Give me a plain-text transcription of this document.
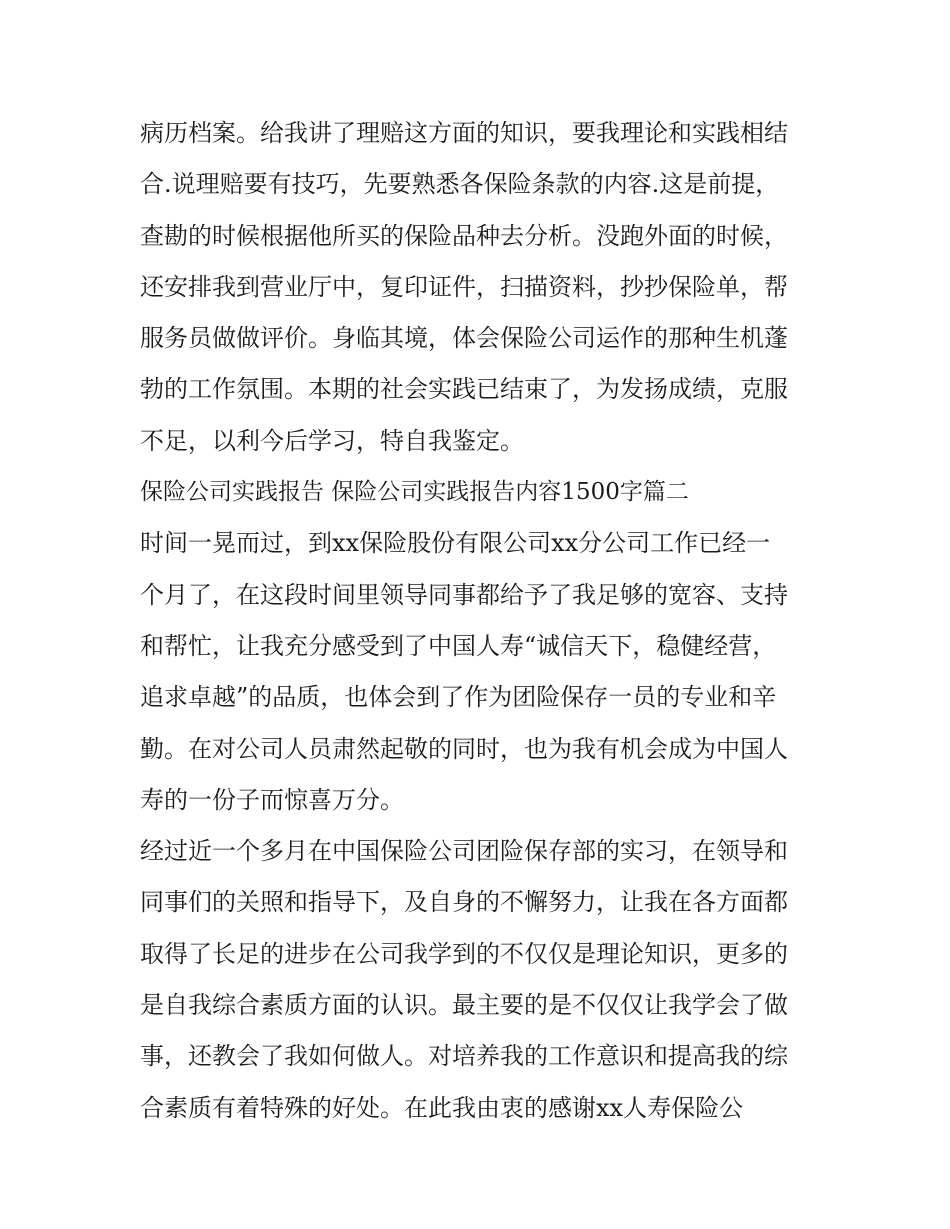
病历档案。给我讲了理赔这方面的知识，要我理论和实践相结
合.说理赔要有技巧，先要熟悉各保险条款的内容.这是前提，
查勘的时候根据他所买的保险品种去分析。没跑外面的时候，
还安排我到营业厅中，复印证件，扫描资料，抄抄保险单，帮
服务员做做评价。身临其境，体会保险公司运作的那种生机蓬
勃的工作氛围。本期的社会实践已结束了，为发扬成绩，克服
不足，以利今后学习，特自我鉴定。
保险公司实践报告 保险公司实践报告内容1500字篇二
时间一晃而过，到xx保险股份有限公司xx分公司工作已经一
个月了，在这段时间里领导同事都给予了我足够的宽容、支持
和帮忙，让我充分感受到了中国人寿“诚信天下，稳健经营，
追求卓越”的品质，也体会到了作为团险保存一员的专业和辛
勤。在对公司人员肃然起敬的同时，也为我有机会成为中国人
寿的一份子而惊喜万分。
经过近一个多月在中国保险公司团险保存部的实习，在领导和
同事们的关照和指导下，及自身的不懈努力，让我在各方面都
取得了长足的进步在公司我学到的不仅仅是理论知识，更多的
是自我综合素质方面的认识。最主要的是不仅仅让我学会了做
事，还教会了我如何做人。对培养我的工作意识和提高我的综
合素质有着特殊的好处。在此我由衷的感谢xx人寿保险公
